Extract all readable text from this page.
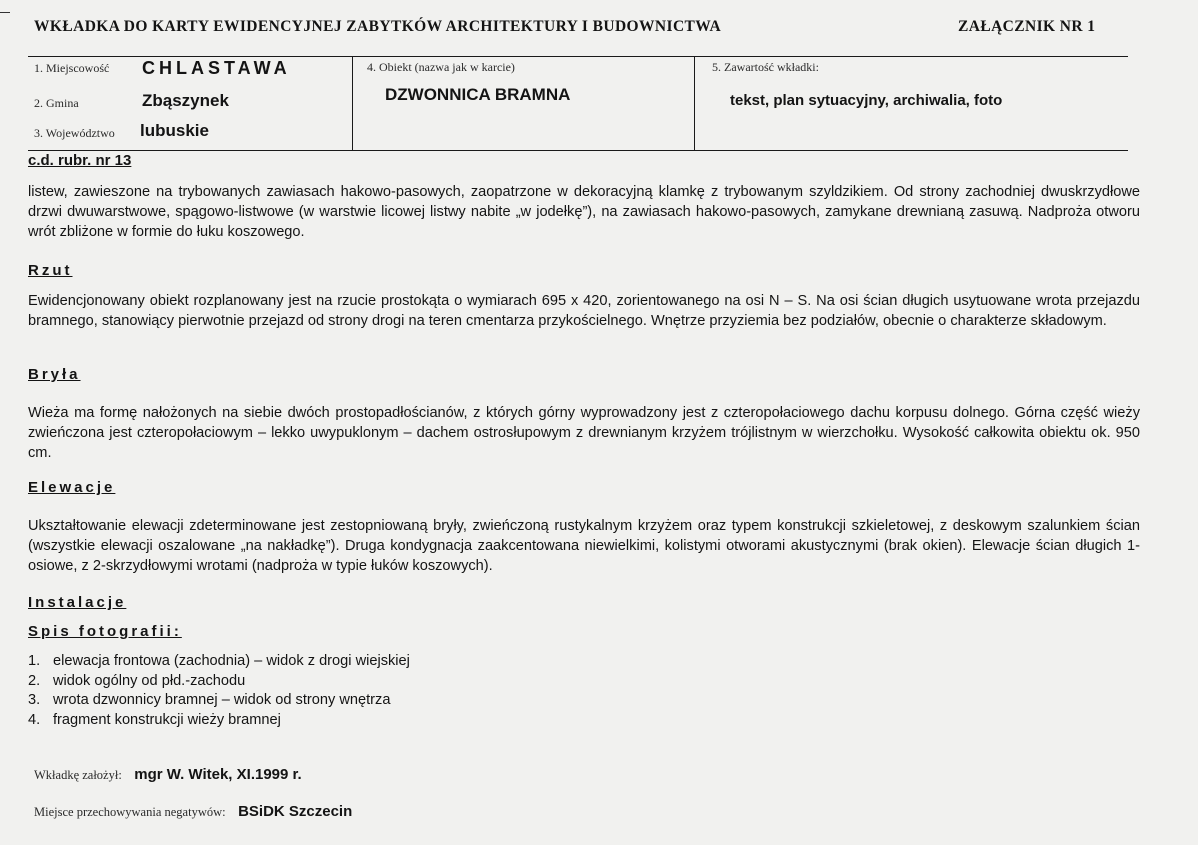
WKŁADKA DO KARTY EWIDENCYJNEJ ZABYTKÓW ARCHITEKTURY I BUDOWNICTWA	ZAŁĄCZNIK NR 1
1. Miejscowość CHLASTAWA
2. Gmina	Zbąszynek
3. Województwo lubuskie
4. Obiekt (nazwa jak w karcie)
DZWONNICA BRAMNA
5. Zawartość wkładki:
tekst, plan sytuacyjny, archiwalia, foto
c.d. rubr. nr 13
listew, zawieszone na trybowanych zawiasach hakowo-pasowych, zaopatrzone w dekoracyjną klamkę z trybowanym szyldzikiem. Od strony zachodniej dwuskrzydłowe drzwi dwuwarstwowe, spągowo-listwowe (w warstwie licowej listwy nabite „w jodełkę”), na zawiasach hakowo-pasowych, zamykane drewnianą zasuwą. Nadproża otworu wrót zbliżone w formie do łuku koszowego.
Rzut
Ewidencjonowany obiekt rozplanowany jest na rzucie prostokąta o wymiarach 695 x 420, zorientowanego na osi N – S. Na osi ścian długich usytuowane wrota przejazdu bramnego, stanowiący pierwotnie przejazd od strony drogi na teren cmentarza przykościelnego. Wnętrze przyziemia bez podziałów, obecnie o charakterze składowym.
Bryła
Wieża ma formę nałożonych na siebie dwóch prostopadłościanów, z których górny wyprowadzony jest z czteropołaciowego dachu korpusu dolnego. Górna część wieży zwieńczona jest czteropołaciowym – lekko uwypuklonym – dachem ostrosłupowym z drewnianym krzyżem trójlistnym w wierzchołku. Wysokość całkowita obiektu ok. 950 cm.
Elewacje
Ukształtowanie elewacji zdeterminowane jest zestopniowaną bryły, zwieńczoną rustykalnym krzyżem oraz typem konstrukcji szkieletowej, z deskowym szalunkiem ścian (wszystkie elewacji oszalowane „na nakładkę”). Druga kondygnacja zaakcentowana niewielkimi, kolistymi otworami akustycznymi (brak okien). Elewacje ścian długich 1-osiowe, z 2-skrzydłowymi wrotami (nadproża w typie łuków koszowych).
Instalacje
Spis fotografii:
1. elewacja frontowa (zachodnia) – widok z drogi wiejskiej
2. widok ogólny od płd.-zachodu
3. wrota dzwonnicy bramnej – widok od strony wnętrza
4. fragment konstrukcji wieży bramnej
Wkładkę założył: mgr W. Witek, XI.1999 r.
Miejsce przechowywania negatywów: BSiDK Szczecin
